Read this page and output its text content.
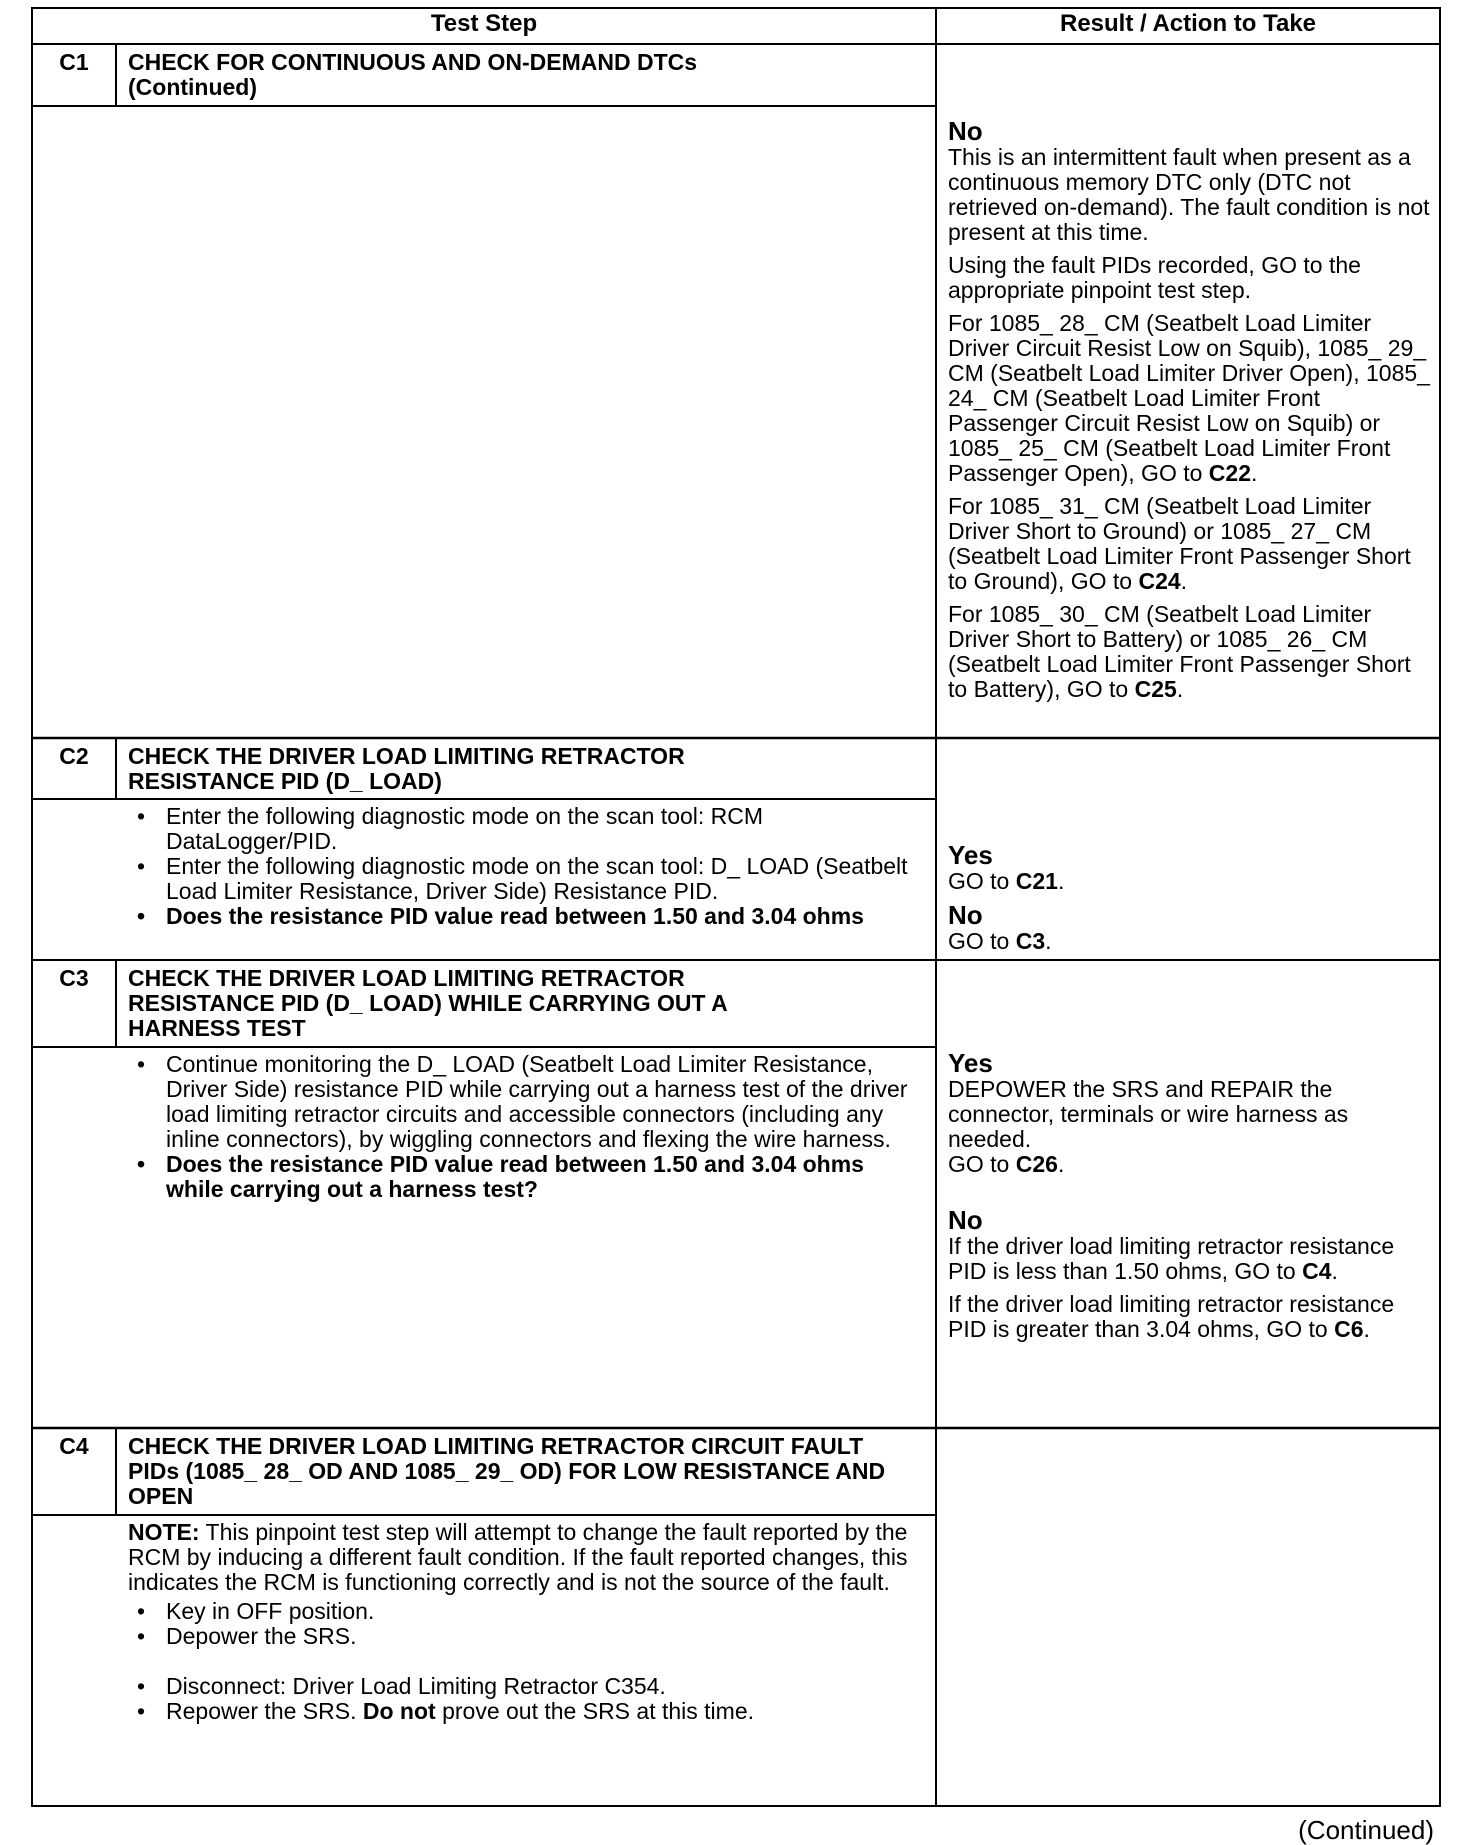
Test Step	Result / Action to Take
C1	CHECK FOR CONTINUOUS AND ON-DEMAND DTCs
(Continued)

No

This is an intermittent fault when present as a continuous memory DTC only (DTC not retrieved on-demand). The fault condition is not present at this time.

Using the fault PIDs recorded, GO to the appropriate pinpoint test step.

For 1085_ 28_ CM (Seatbelt Load Limiter Driver Circuit Resist Low on Squib), 1085_ 29_ CM (Seatbelt Load Limiter Driver Open), 1085_ 24_ CM (Seatbelt Load Limiter Front Passenger Circuit Resist Low on Squib) or 1085_ 25_ CM (Seatbelt Load Limiter Front Passenger Open), GO to C22.

For 1085_ 31_ CM (Seatbelt Load Limiter Driver Short to Ground) or 1085_ 27_ CM (Seatbelt Load Limiter Front Passenger Short to Ground), GO to C24.

For 1085_ 30_ CM (Seatbelt Load Limiter Driver Short to Battery) or 1085_ 26_ CM (Seatbelt Load Limiter Front Passenger Short to Battery), GO to C25.

C2	CHECK THE DRIVER LOAD LIMITING RETRACTOR RESISTANCE PID (D_ LOAD)
• Enter the following diagnostic mode on the scan tool: RCM DataLogger/PID.
• Enter the following diagnostic mode on the scan tool: D_ LOAD (Seatbelt Load Limiter Resistance, Driver Side) Resistance PID.
• Does the resistance PID value read between 1.50 and 3.04 ohms

Yes

GO to C21.

No

GO to C3.

C3	CHECK THE DRIVER LOAD LIMITING RETRACTOR RESISTANCE PID (D_ LOAD) WHILE CARRYING OUT A HARNESS TEST
• Continue monitoring the D_ LOAD (Seatbelt Load Limiter Resistance, Driver Side) resistance PID while carrying out a harness test of the driver load limiting retractor circuits and accessible connectors (including any inline connectors), by wiggling connectors and flexing the wire harness.
• Does the resistance PID value read between 1.50 and 3.04 ohms while carrying out a harness test?

Yes

DEPOWER the SRS and REPAIR the connector, terminals or wire harness as needed.

GO to C26.

No

If the driver load limiting retractor resistance PID is less than 1.50 ohms, GO to C4.

If the driver load limiting retractor resistance PID is greater than 3.04 ohms, GO to C6.

C4	CHECK THE DRIVER LOAD LIMITING RETRACTOR CIRCUIT FAULT PIDs (1085_ 28_ OD AND 1085_ 29_ OD) FOR LOW RESISTANCE AND OPEN
NOTE: This pinpoint test step will attempt to change the fault reported by the RCM by inducing a different fault condition. If the fault reported changes, this indicates the RCM is functioning correctly and is not the source of the fault.
• Key in OFF position.
• Depower the SRS.
• Disconnect: Driver Load Limiting Retractor C354.
• Repower the SRS. Do not prove out the SRS at this time.
(Continued)
